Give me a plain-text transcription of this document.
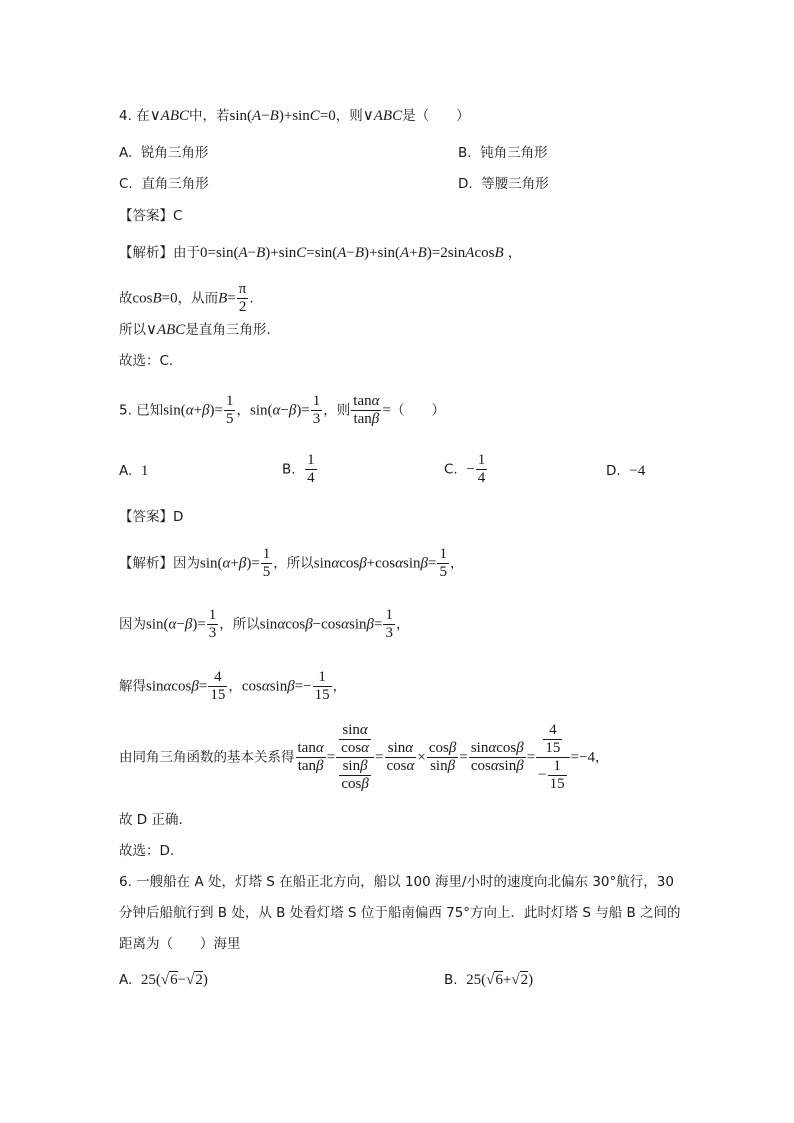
4. 在∨ABC中，若sin(A−B)+sinC=0，则∨ABC是（　　）
A. 锐角三角形	B. 钝角三角形
C. 直角三角形	D. 等腰三角形
【答案】C
【解析】由于0=sin(A−B)+sinC=sin(A−B)+sin(A+B)=2sinAcosB ，
故cosB=0，从而$B= \frac{\pi}{2}$ .
所以∨ABC是直角三角形.
故选：C.
5. 已知$\sin(\alpha+\beta)= \frac{1}{5}$ ，$\sin(\alpha-\beta)= \frac{1}{3}$ ，则 $\frac{\tan\alpha}{\tan\beta}$ =（　　）
A. 1	B. $\frac{1}{4}$	C. − $\frac{1}{4}$	D. −4
【答案】D
【解析】因为$\sin(\alpha+\beta)= \frac{1}{5}$ ，所以$\sin\alpha\cos\beta+\cos\alpha\sin\beta= \frac{1}{5}$ ，
因为$\sin(\alpha-\beta)= \frac{1}{3}$ ，所以$\sin\alpha\cos\beta-\cos\alpha\sin\beta= \frac{1}{3}$ ，
解得$\sin\alpha\cos\beta= \frac{4}{15}$ ，$\cos\alpha\sin\beta=- \frac{1}{15}$ ，
由同角三角函数的基本关系得 $\frac{\tan\alpha}{\tan\beta} = \frac{\frac{\sin\alpha}{\cos\alpha}}{\frac{\sin\beta}{\cos\beta}} = \frac{\sin\alpha}{\cos\alpha} \times \frac{\cos\beta}{\sin\beta} = \frac{\sin\alpha\cos\beta}{\cos\alpha\sin\beta} = \frac{\frac{4}{15}}{- \frac{1}{15}} =-4$，
故 D 正确.
故选：D.
6. 一艘船在 A 处，灯塔 S 在船正北方向，船以 100 海里/小时的速度向北偏东 30°航行，30
分钟后船航行到 B 处，从 B 处看灯塔 S 位于船南偏西 75°方向上．此时灯塔 S 与船 B 之间的
距离为（　　）海里
A. 25(√6−√2)	B. 25(√6+√2)
